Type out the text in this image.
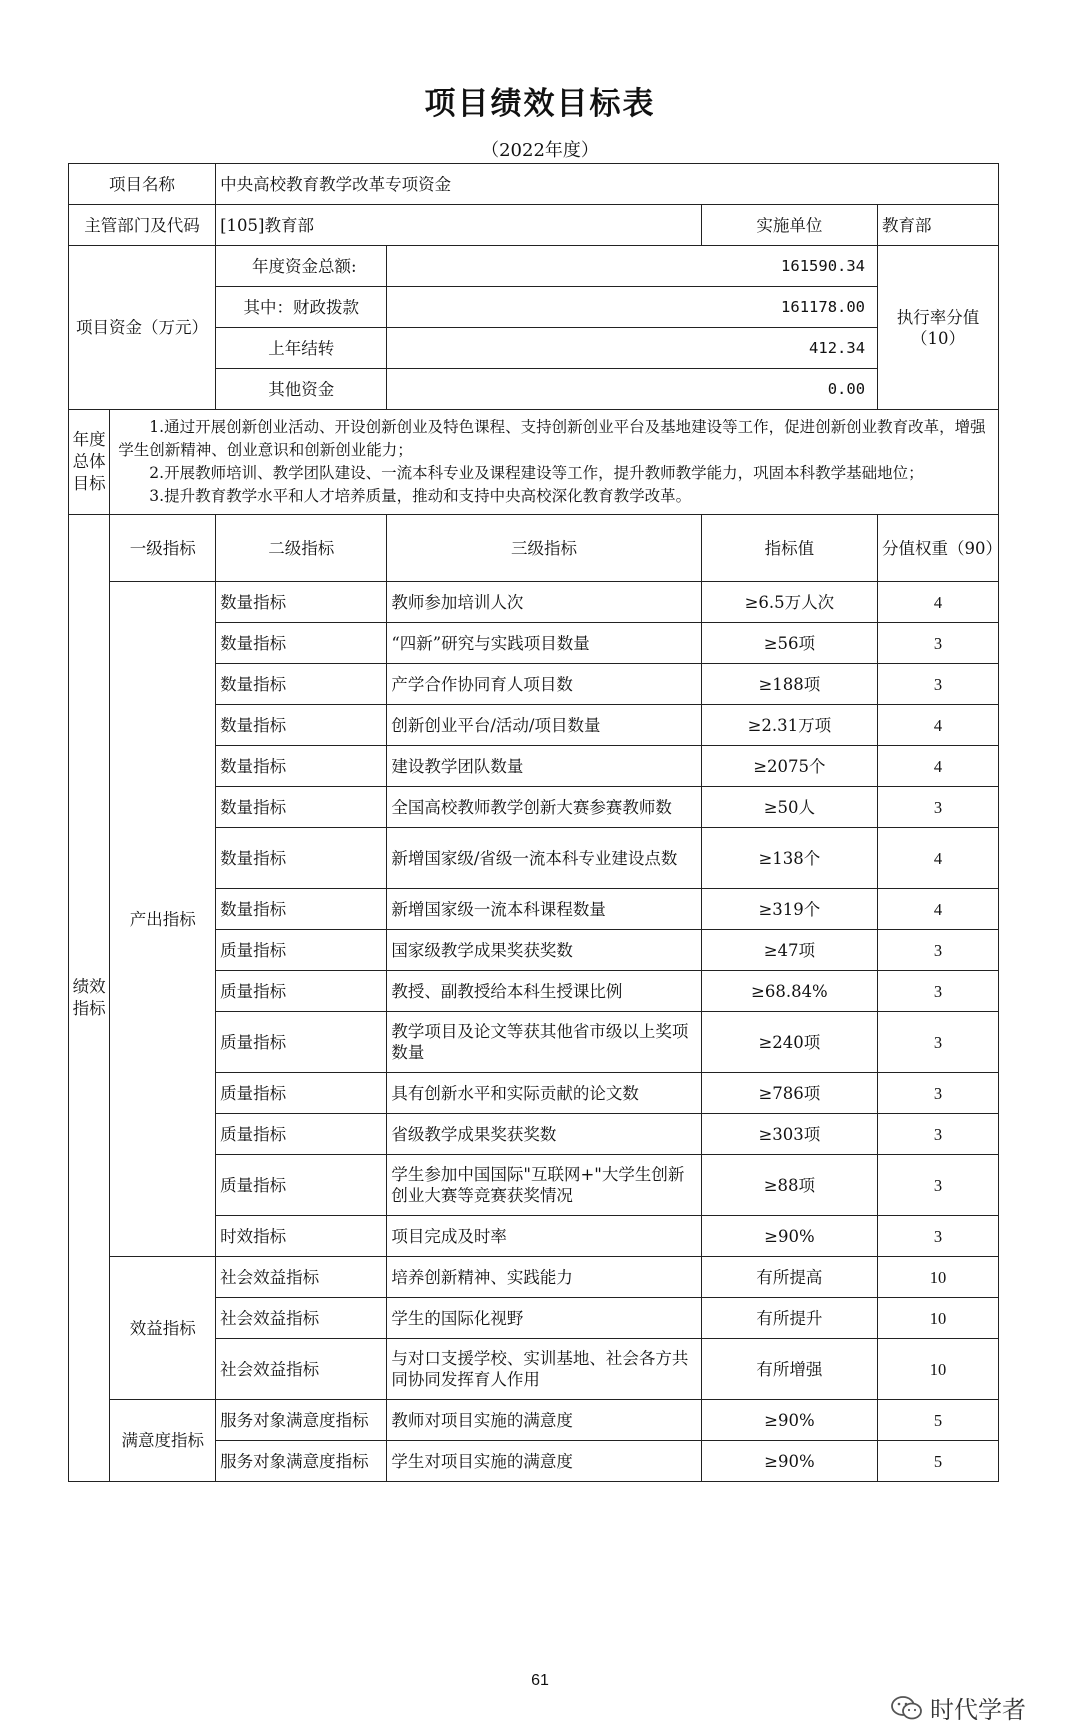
项目绩效目标表
（2022年度）
项目名称		中央高校教育教学改革专项资金			
主管部门及代码		[105]教育部		实施单位	教育部
项目资金（万元）		年度资金总额:	161590.34		执行率分值
（10）

		其中：财政拨款	161178.00		
		上年结转	412.34		
		其他资金	0.00		

年度总体目标	1.通过开展创新创业活动、开设创新创业及特色课程、支持创新创业平台及基地建设等工作，促进创新创业教育改革，增强学生创新精神、创业意识和创新创业能力；
2.开展教师培训、教学团队建设、一流本科专业及课程建设等工作，提升教师教学能力，巩固本科教学基础地位；
3.提升教育教学水平和人才培养质量，推动和支持中央高校深化教育教学改革。				

绩效指标	一级指标	二级指标	三级指标	指标值	分值权重（90）
	产出指标	数量指标	教师参加培训人次	≥6.5万人次	4
		数量指标	“四新”研究与实践项目数量	≥56项	3
		数量指标	产学合作协同育人项目数	≥188项	3
		数量指标	创新创业平台/活动/项目数量	≥2.31万项	4
		数量指标	建设教学团队数量	≥2075个	4
		数量指标	全国高校教师教学创新大赛参赛教师数	≥50人	3
		数量指标	新增国家级/省级一流本科专业建设点数	≥138个	4
		数量指标	新增国家级一流本科课程数量	≥319个	4
		质量指标	国家级教学成果奖获奖数	≥47项	3
		质量指标	教授、副教授给本科生授课比例	≥68.84%	3
		质量指标	教学项目及论文等获其他省市级以上奖项数量	≥240项	3
		质量指标	具有创新水平和实际贡献的论文数	≥786项	3
		质量指标	省级教学成果奖获奖数	≥303项	3
		质量指标	学生参加中国国际"互联网+"大学生创新创业大赛等竞赛获奖情况	≥88项	3
		时效指标	项目完成及时率	≥90%	3
	效益指标	社会效益指标	培养创新精神、实践能力	有所提高	10
		社会效益指标	学生的国际化视野	有所提升	10
		社会效益指标	与对口支援学校、实训基地、社会各方共同协同发挥育人作用	有所增强	10
	满意度指标	服务对象满意度指标	教师对项目实施的满意度	≥90%	5
		服务对象满意度指标	学生对项目实施的满意度	≥90%	5
61
时代学者
